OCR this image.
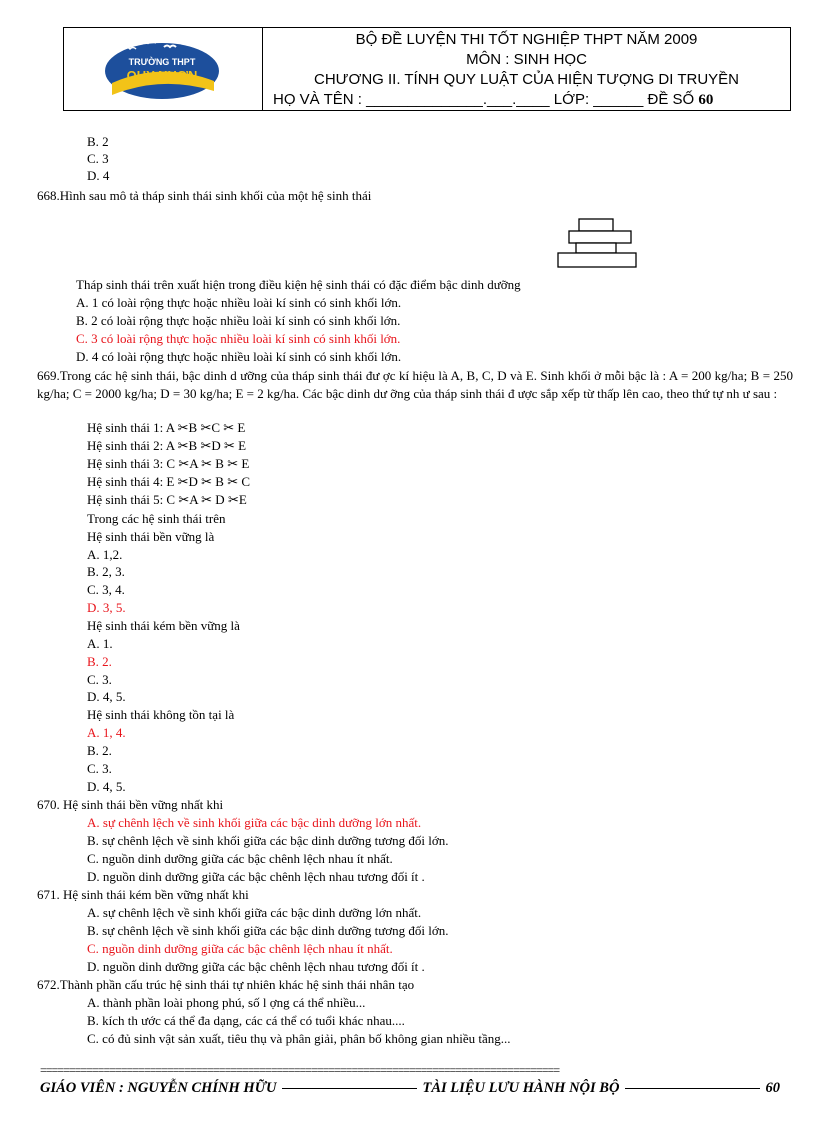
TRƯỜNG THPT
QUY NHƠN
BỘ ĐỀ LUYỆN THI TỐT NGHIỆP THPT NĂM 2009
MÔN : SINH HỌC
CHƯƠNG II. TÍNH QUY LUẬT CỦA HIỆN TƯỢNG DI TRUYỀN
HỌ VÀ TÊN : ______________.___.____ LỚP: ______ ĐỀ SỐ 60
B. 2
C. 3
D. 4
668.Hình sau mô tả tháp sinh thái sinh khối của một hệ sinh thái
Tháp sinh thái trên xuất hiện trong điều kiện hệ sinh thái có đặc điểm bậc dinh dưỡng
A. 1 có loài rộng thực hoặc nhiều loài kí sinh có sinh khối lớn.
B. 2 có loài rộng thực hoặc nhiều loài kí sinh có sinh khối lớn.
C. 3 có loài rộng thực hoặc nhiều loài kí sinh có sinh khối lớn.
D. 4 có loài rộng thực hoặc nhiều loài kí sinh có sinh khối lớn.
669.Trong các hệ sinh thái, bậc dinh d ưỡng của tháp sinh thái đư ợc kí hiệu là A, B, C, D và E. Sinh khối ở mỗi bậc là : A = 200 kg/ha; B = 250 kg/ha; C = 2000 kg/ha; D = 30 kg/ha; E = 2 kg/ha. Các bậc dinh dư ỡng của tháp sinh thái đ ược sắp xếp từ thấp lên cao, theo thứ tự nh ư sau :
Hệ sinh thái 1: A ✂B ✂C ✂ E
Hệ sinh thái 2: A ✂B ✂D ✂ E
Hệ sinh thái 3: C ✂A ✂ B ✂ E
Hệ sinh thái 4: E ✂D ✂ B ✂ C
Hệ sinh thái 5: C ✂A ✂ D ✂E
Trong các hệ sinh thái trên
Hệ sinh thái bền vững là
A. 1,2.
B. 2, 3.
C. 3, 4.
D. 3, 5.
Hệ sinh thái kém bền vững là
A. 1.
B. 2.
C. 3.
D. 4, 5.
Hệ sinh thái không tồn tại là
A. 1, 4.
B. 2.
C. 3.
D. 4, 5.
670. Hệ sinh thái bền vững nhất khi
A. sự chênh lệch về sinh khối giữa các bậc dinh dưỡng lớn nhất.
B. sự chênh lệch về sinh khối giữa các bậc dinh dưỡng tương đối lớn.
C. nguồn dinh dưỡng giữa các bậc chênh lệch nhau ít nhất.
D. nguồn dinh dưỡng giữa các bậc chênh lệch nhau tương đối ít .
671. Hệ sinh thái kém bền vững nhất khi
A. sự chênh lệch về sinh khối giữa các bậc dinh dưỡng lớn nhất.
B. sự chênh lệch về sinh khối giữa các bậc dinh dưỡng tương đối lớn.
C. nguồn dinh dưỡng giữa các bậc chênh lệch nhau ít nhất.
D. nguồn dinh dưỡng giữa các bậc chênh lệch nhau tương đối ít .
672.Thành phần cấu trúc hệ sinh thái tự nhiên khác hệ sinh thái nhân tạo
A. thành phần loài phong phú, số l ợng cá thể nhiều...
B. kích th ước cá thể đa dạng, các cá thể có tuổi khác nhau....
C. có đủ sinh vật sản xuất, tiêu thụ và phân giải, phân bố không gian nhiều tầng...
==========================================================================================
GIÁO VIÊN : NGUYỄN CHÍNH HỮU	TÀI LIỆU LƯU HÀNH NỘI BỘ	60
